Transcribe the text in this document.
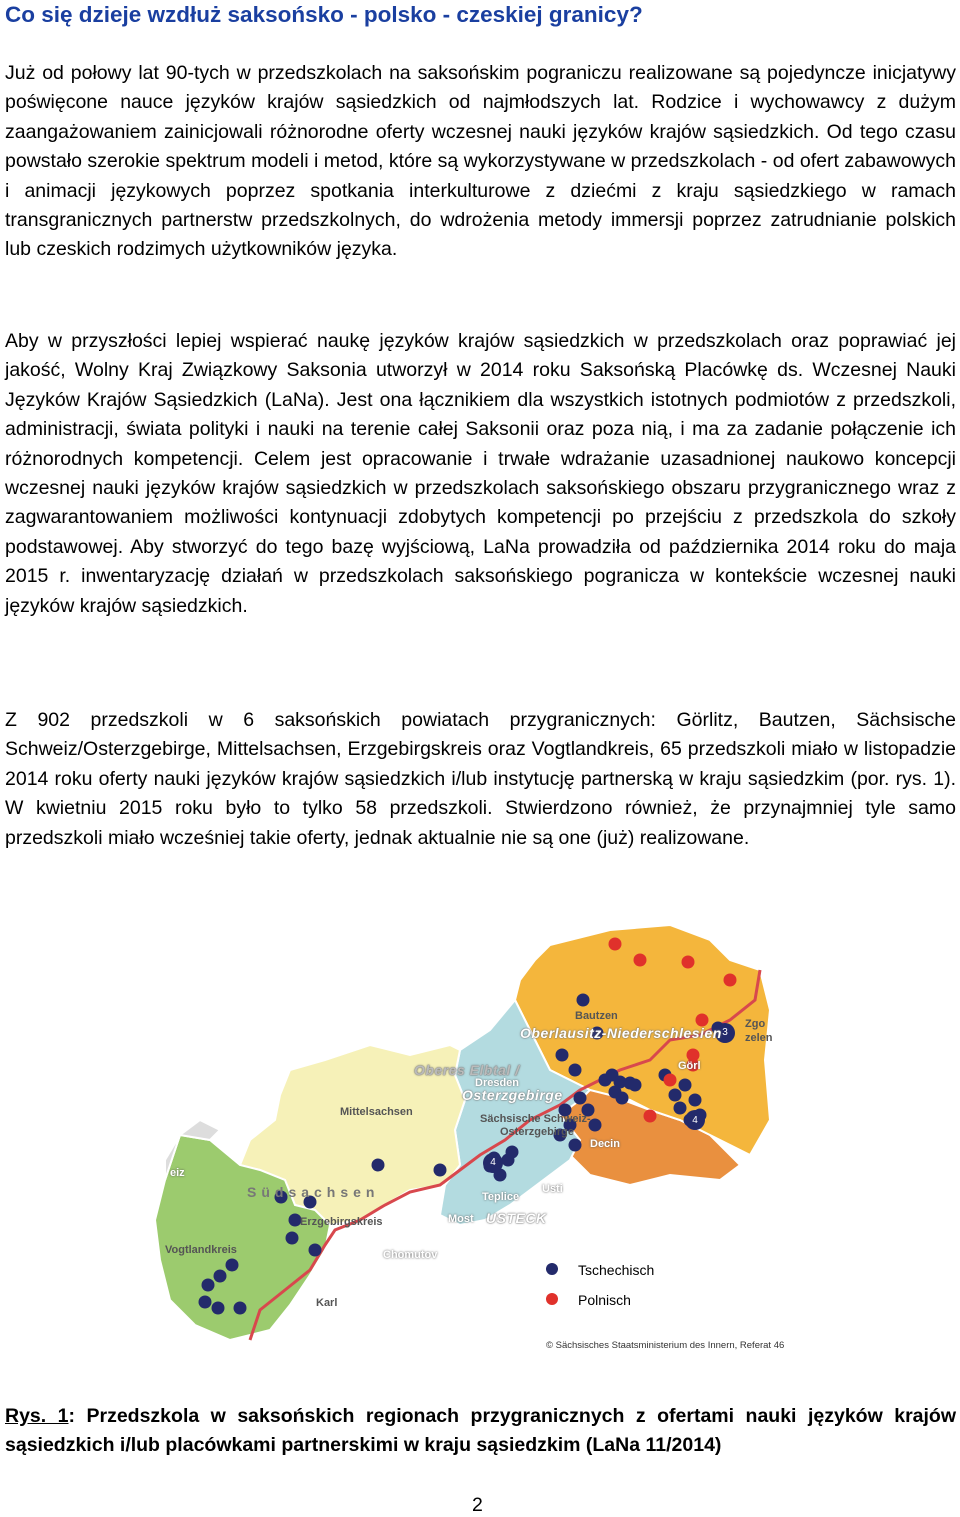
Co się dzieje wzdłuż saksońsko - polsko - czeskiej granicy?

Już od połowy lat 90-tych w przedszkolach na saksońskim pograniczu realizowane są pojedyncze inicjatywy poświęcone nauce języków krajów sąsiedzkich od najmłodszych lat. Rodzice i wychowawcy z dużym zaangażowaniem zainicjowali różnorodne oferty wczesnej nauki języków krajów sąsiedzkich. Od tego czasu powstało szerokie spektrum modeli i metod, które są wykorzystywane w przedszkolach - od ofert zabawowych i animacji językowych poprzez spotkania interkulturowe z dziećmi z kraju sąsiedzkiego w ramach transgranicznych partnerstw przedszkolnych, do wdrożenia metody immersji poprzez zatrudnianie polskich lub czeskich rodzimych użytkowników języka.

Aby w przyszłości lepiej wspierać naukę języków krajów sąsiedzkich w przedszkolach oraz poprawiać jej jakość, Wolny Kraj Związkowy Saksonia utworzył w 2014 roku Saksońską Placówkę ds. Wczesnej Nauki Języków Krajów Sąsiedzkich (LaNa). Jest ona łącznikiem dla wszystkich istotnych podmiotów z przedszkoli, administracji, świata polityki i nauki na terenie całej Saksonii oraz poza nią, i ma za zadanie połączenie ich różnorodnych kompetencji. Celem jest opracowanie i trwałe wdrażanie uzasadnionej naukowo koncepcji wczesnej nauki języków krajów sąsiedzkich w przedszkolach saksońskiego obszaru przygranicznego wraz z zagwarantowaniem możliwości kontynuacji zdobytych kompetencji po przejściu z przedszkola do szkoły podstawowej. Aby stworzyć do tego bazę wyjściową, LaNa prowadziła od października 2014 roku do maja 2015 r. inwentaryzację działań w przedszkolach saksońskiego pogranicza w kontekście wczesnej nauki języków krajów sąsiedzkich.

Z 902 przedszkoli w 6 saksońskich powiatach przygranicznych: Görlitz, Bautzen, Sächsische Schweiz/Osterzgebirge, Mittelsachsen, Erzgebirgskreis oraz Vogtlandkreis, 65 przedszkoli miało w listopadzie 2014 roku oferty nauki języków krajów sąsiedzkich i/lub instytucję partnerską w kraju sąsiedzkim (por. rys. 1). W kwietniu 2015 roku było to tylko 58 przedszkoli. Stwierdzono również, że przynajmniej tyle samo przedszkoli miało wcześniej takie oferty, jednak aktualnie nie są one (już) realizowane.

Bautzen
Oberlausitz-Niederschlesien
Zgo
zelen
Görl
Oberes Elbtal /
Dresden
Osterzgebirge
Sächsische Schweiz-
Osterzgebirge
Decin
Mittelsachsen
eiz
Südsachsen
Erzgebirgskreis
Teplice
Usti
Most USTECK
Vogtlandkreis	Chomutov
Karl
3
4
4
Tschechisch
Polnisch
© Sächsisches Staatsministerium des Innern, Referat 46

Rys. 1: Przedszkola w saksońskich regionach przygranicznych z ofertami nauki języków krajów sąsiedzkich i/lub placówkami partnerskimi w kraju sąsiedzkim (LaNa 11/2014)

2
